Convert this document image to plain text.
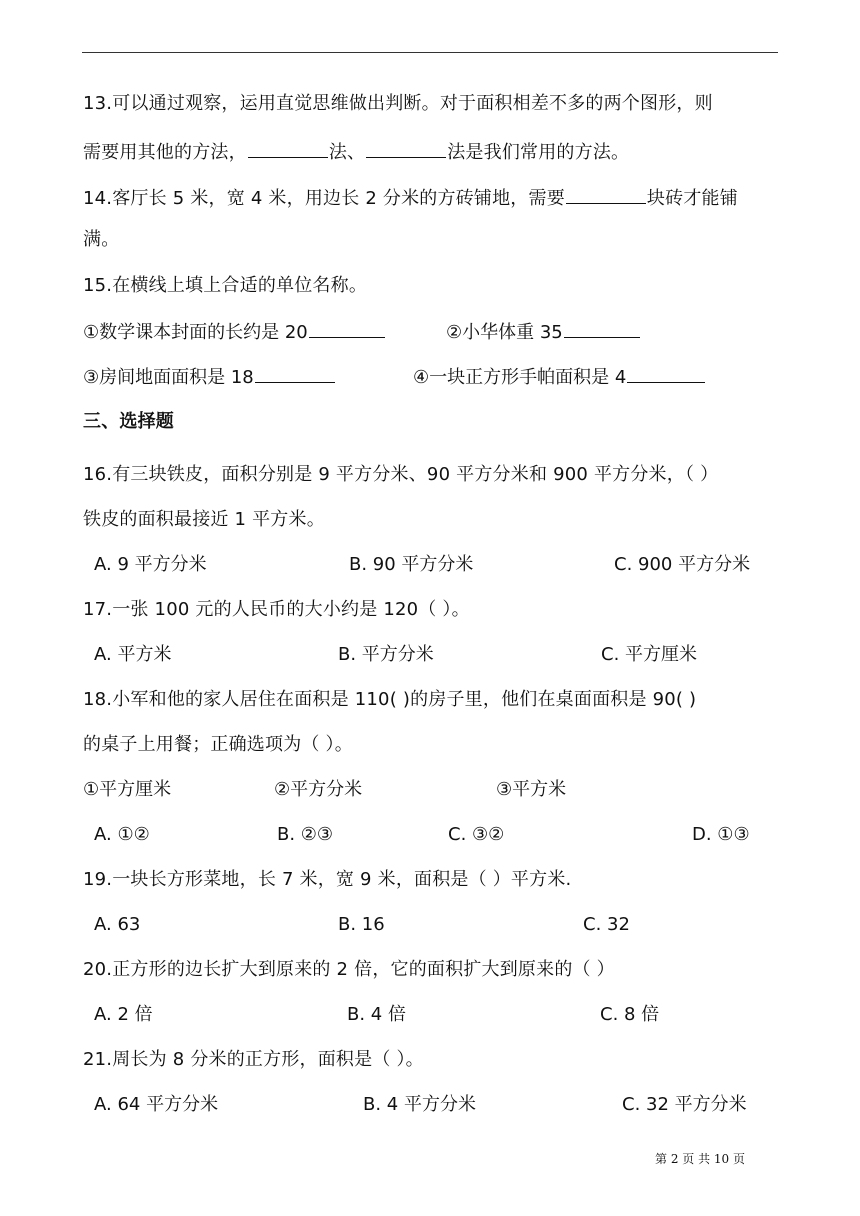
13.可以通过观察，运用直觉思维做出判断。对于面积相差不多的两个图形，则
需要用其他的方法，	法、	法是我们常用的方法。
14.客厅长 5 米，宽 4 米，用边长 2 分米的方砖铺地，需要	块砖才能铺
满。
15.在横线上填上合适的单位名称。
①数学课本封面的长约是 20	②小华体重 35
③房间地面面积是 18	④一块正方形手帕面积是 4
三、选择题
16.有三块铁皮，面积分别是 9 平方分米、90 平方分米和 900 平方分米，（ ）
铁皮的面积最接近 1 平方米。
A. 9 平方分米	B. 90 平方分米	C. 900 平方分米
17.一张 100 元的人民币的大小约是 120（ ）。
A. 平方米	B. 平方分米	C. 平方厘米
18.小军和他的家人居住在面积是 110( )的房子里，他们在桌面面积是 90( )
的桌子上用餐；正确选项为（ ）。
①平方厘米	②平方分米	③平方米
A. ①②	B. ②③	C. ③②	D. ①③
19.一块长方形菜地，长 7 米，宽 9 米，面积是（ ）平方米.
A. 63	B. 16	C. 32
20.正方形的边长扩大到原来的 2 倍，它的面积扩大到原来的（ ）
A. 2 倍	B. 4 倍	C. 8 倍
21.周长为 8 分米的正方形，面积是（ ）。
A. 64 平方分米	B. 4 平方分米	C. 32 平方分米
第 2 页 共 10 页
